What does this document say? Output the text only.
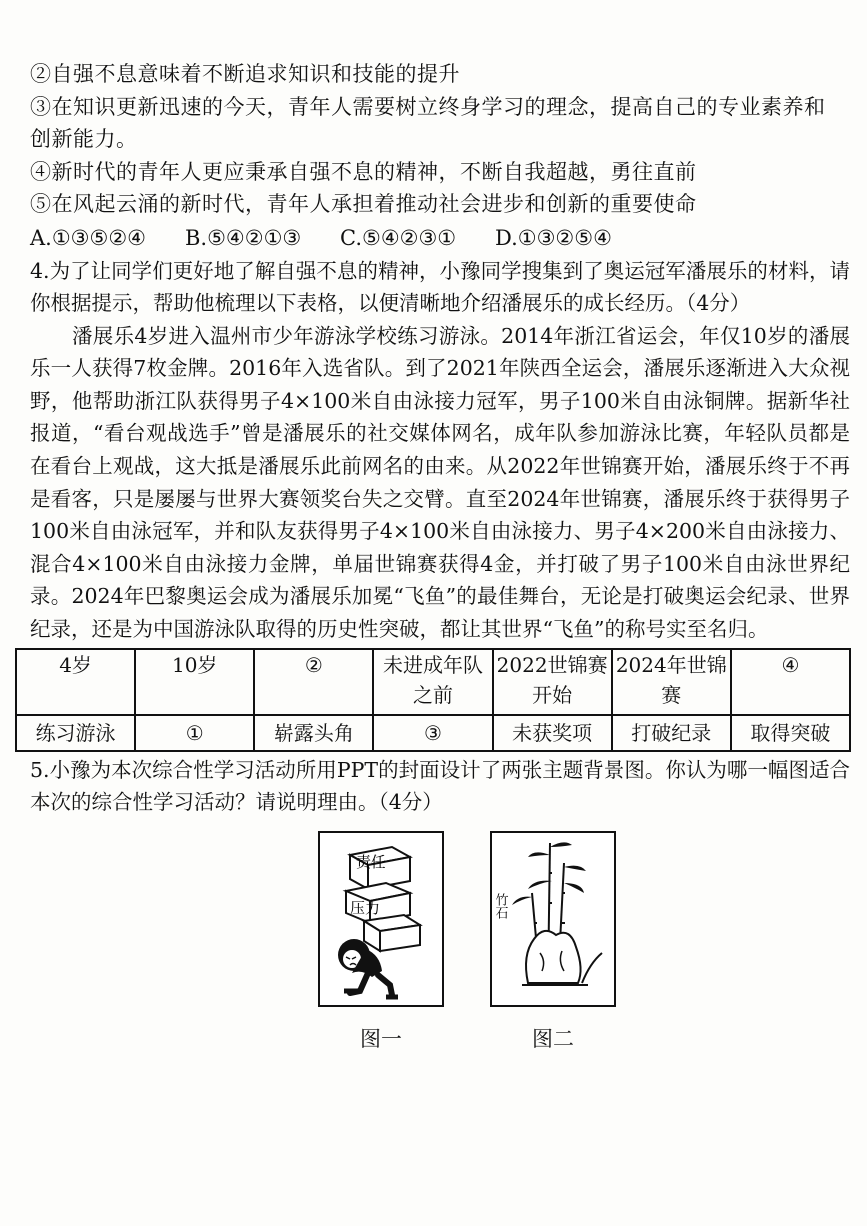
②自强不息意味着不断追求知识和技能的提升
③在知识更新迅速的今天，青年人需要树立终身学习的理念，提高自己的专业素养和
创新能力。
④新时代的青年人更应秉承自强不息的精神，不断自我超越，勇往直前
⑤在风起云涌的新时代，青年人承担着推动社会进步和创新的重要使命
A.①③⑤②④	B.⑤④②①③	C.⑤④②③①	D.①③②⑤④

4.为了让同学们更好地了解自强不息的精神，小豫同学搜集到了奥运冠军潘展乐的材料，请你根据提示，帮助他梳理以下表格，以便清晰地介绍潘展乐的成长经历。（4分）

潘展乐4岁进入温州市少年游泳学校练习游泳。2014年浙江省运会，年仅10岁的潘展乐一人获得7枚金牌。2016年入选省队。到了2021年陕西全运会，潘展乐逐渐进入大众视野，他帮助浙江队获得男子4×100米自由泳接力冠军，男子100米自由泳铜牌。据新华社报道，“看台观战选手”曾是潘展乐的社交媒体网名，成年队参加游泳比赛，年轻队员都是在看台上观战，这大抵是潘展乐此前网名的由来。从2022年世锦赛开始，潘展乐终于不再是看客，只是屡屡与世界大赛领奖台失之交臂。直至2024年世锦赛，潘展乐终于获得男子100米自由泳冠军，并和队友获得男子4×100米自由泳接力、男子4×200米自由泳接力、混合4×100米自由泳接力金牌，单届世锦赛获得4金，并打破了男子100米自由泳世界纪录。2024年巴黎奥运会成为潘展乐加冕“飞鱼”的最佳舞台，无论是打破奥运会纪录、世界纪录，还是为中国游泳队取得的历史性突破，都让其世界“飞鱼”的称号实至名归。

4岁	10岁	②	未进成年队之前	2022世锦赛开始	2024年世锦赛	④
练习游泳	①	崭露头角	③	未获奖项	打破纪录	取得突破

5.小豫为本次综合性学习活动所用PPT的封面设计了两张主题背景图。你认为哪一幅图适合本次的综合性学习活动？请说明理由。（4分）

责任
压力
图一
竹石
图二
